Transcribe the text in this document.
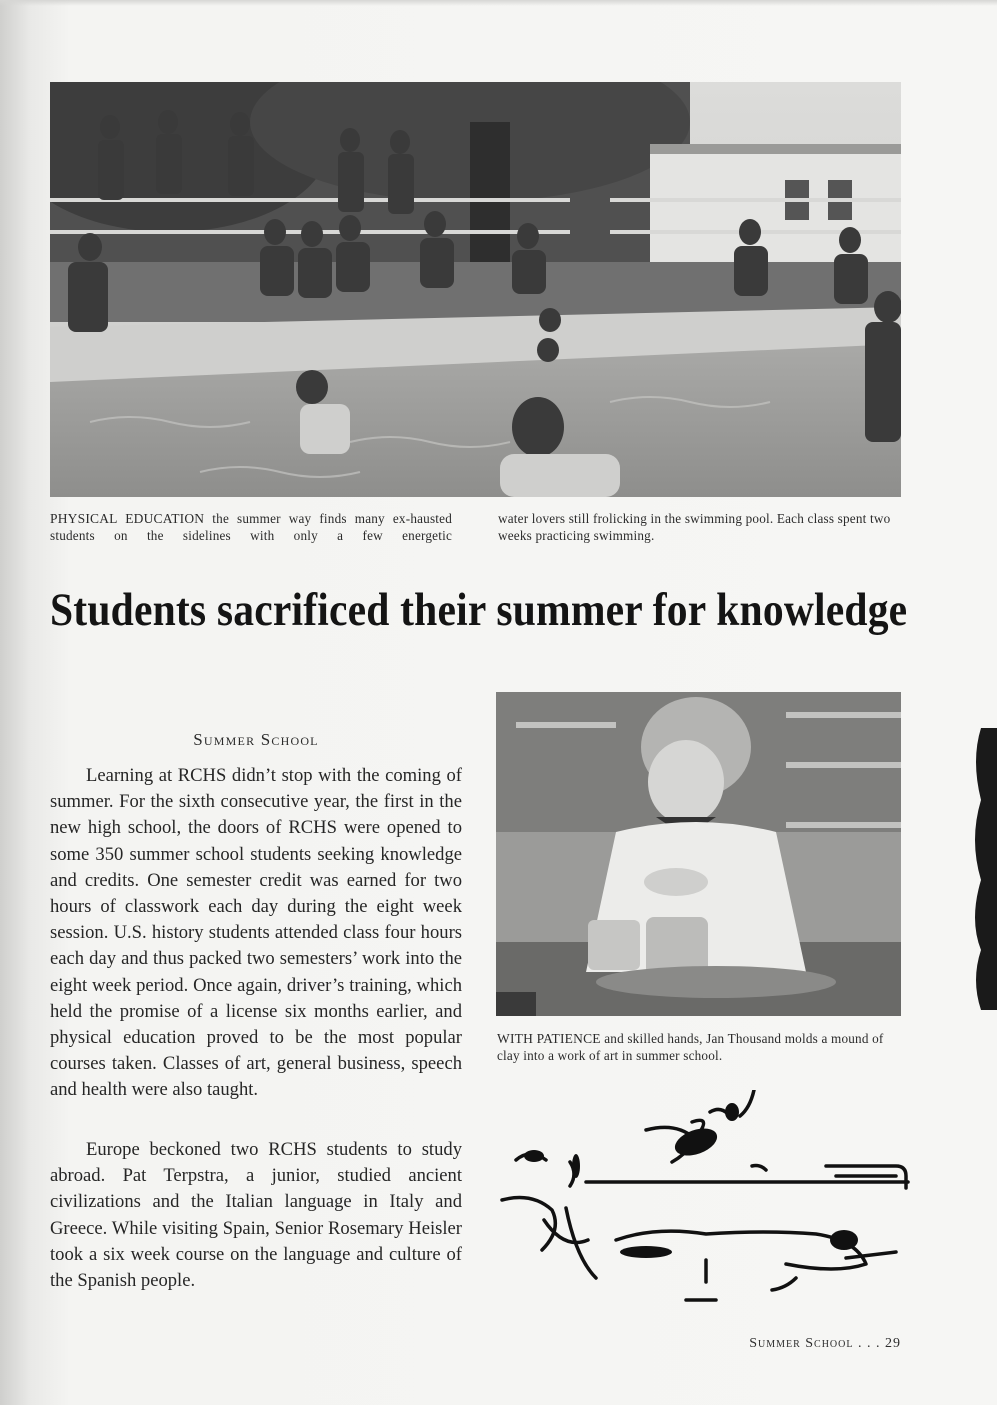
PHYSICAL EDUCATION the summer way finds many ex-hausted students on the sidelines with only a few energetic
water lovers still frolicking in the swimming pool. Each class spent two weeks practicing swimming.
Students sacrificed their summer for knowledge
Summer School

Learning at RCHS didn’t stop with the coming of summer. For the sixth consecutive year, the first in the new high school, the doors of RCHS were opened to some 350 summer school students seeking knowledge and credits. One semester credit was earned for two hours of classwork each day during the eight week session. U.S. history students attended class four hours each day and thus packed two semesters’ work into the eight week period. Once again, driver’s training, which held the promise of a license six months earlier, and physical education proved to be the most popular courses taken. Classes of art, general business, speech and health were also taught.

Europe beckoned two RCHS students to study abroad. Pat Terpstra, a junior, studied ancient civilizations and the Italian language in Italy and Greece. While visiting Spain, Senior Rosemary Heisler took a six week course on the language and culture of the Spanish people.

WITH PATIENCE and skilled hands, Jan Thousand molds a mound of clay into a work of art in summer school.
Summer School . . . 29
